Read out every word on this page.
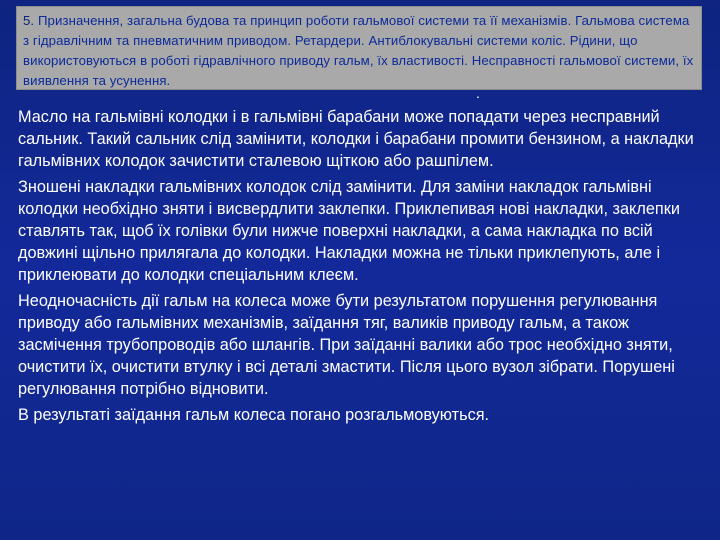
5. Призначення, загальна будова та принцип роботи гальмової системи та її механізмів. Гальмова система з гідравлічним та пневматичним приводом. Ретардери. Антиблокувальні системи коліс. Рідини, що використовуються в роботі гідравлічного приводу гальм, їх властивості. Несправності гальмової системи, їх виявлення та усунення.
.

Масло на гальмівні колодки і в гальмівні барабани може попадати через несправний сальник. Такий сальник слід замінити, колодки і барабани промити бензином, а накладки гальмівних колодок зачистити сталевою щіткою або рашпілем.

Зношені накладки гальмівних колодок слід замінити. Для заміни накладок гальмівні колодки необхідно зняти і висвердлити заклепки. Приклепивая нові накладки, заклепки ставлять так, щоб їх голівки були нижче поверхні накладки, а сама накладка по всій довжині щільно прилягала до колодки. Накладки можна не тільки приклепують, але і приклеювати до колодки спеціальним клеєм.

Неодночасність дії гальм на колеса може бути результатом порушення регулювання приводу або гальмівних механізмів, заїдання тяг, валиків приводу гальм, а також засмічення трубопроводів або шлангів. При заїданні валики або трос необхідно зняти, очистити їх, очистити втулку і всі деталі змастити. Після цього вузол зібрати. Порушені регулювання потрібно відновити.

В результаті заїдання гальм колеса погано розгальмовуються.
